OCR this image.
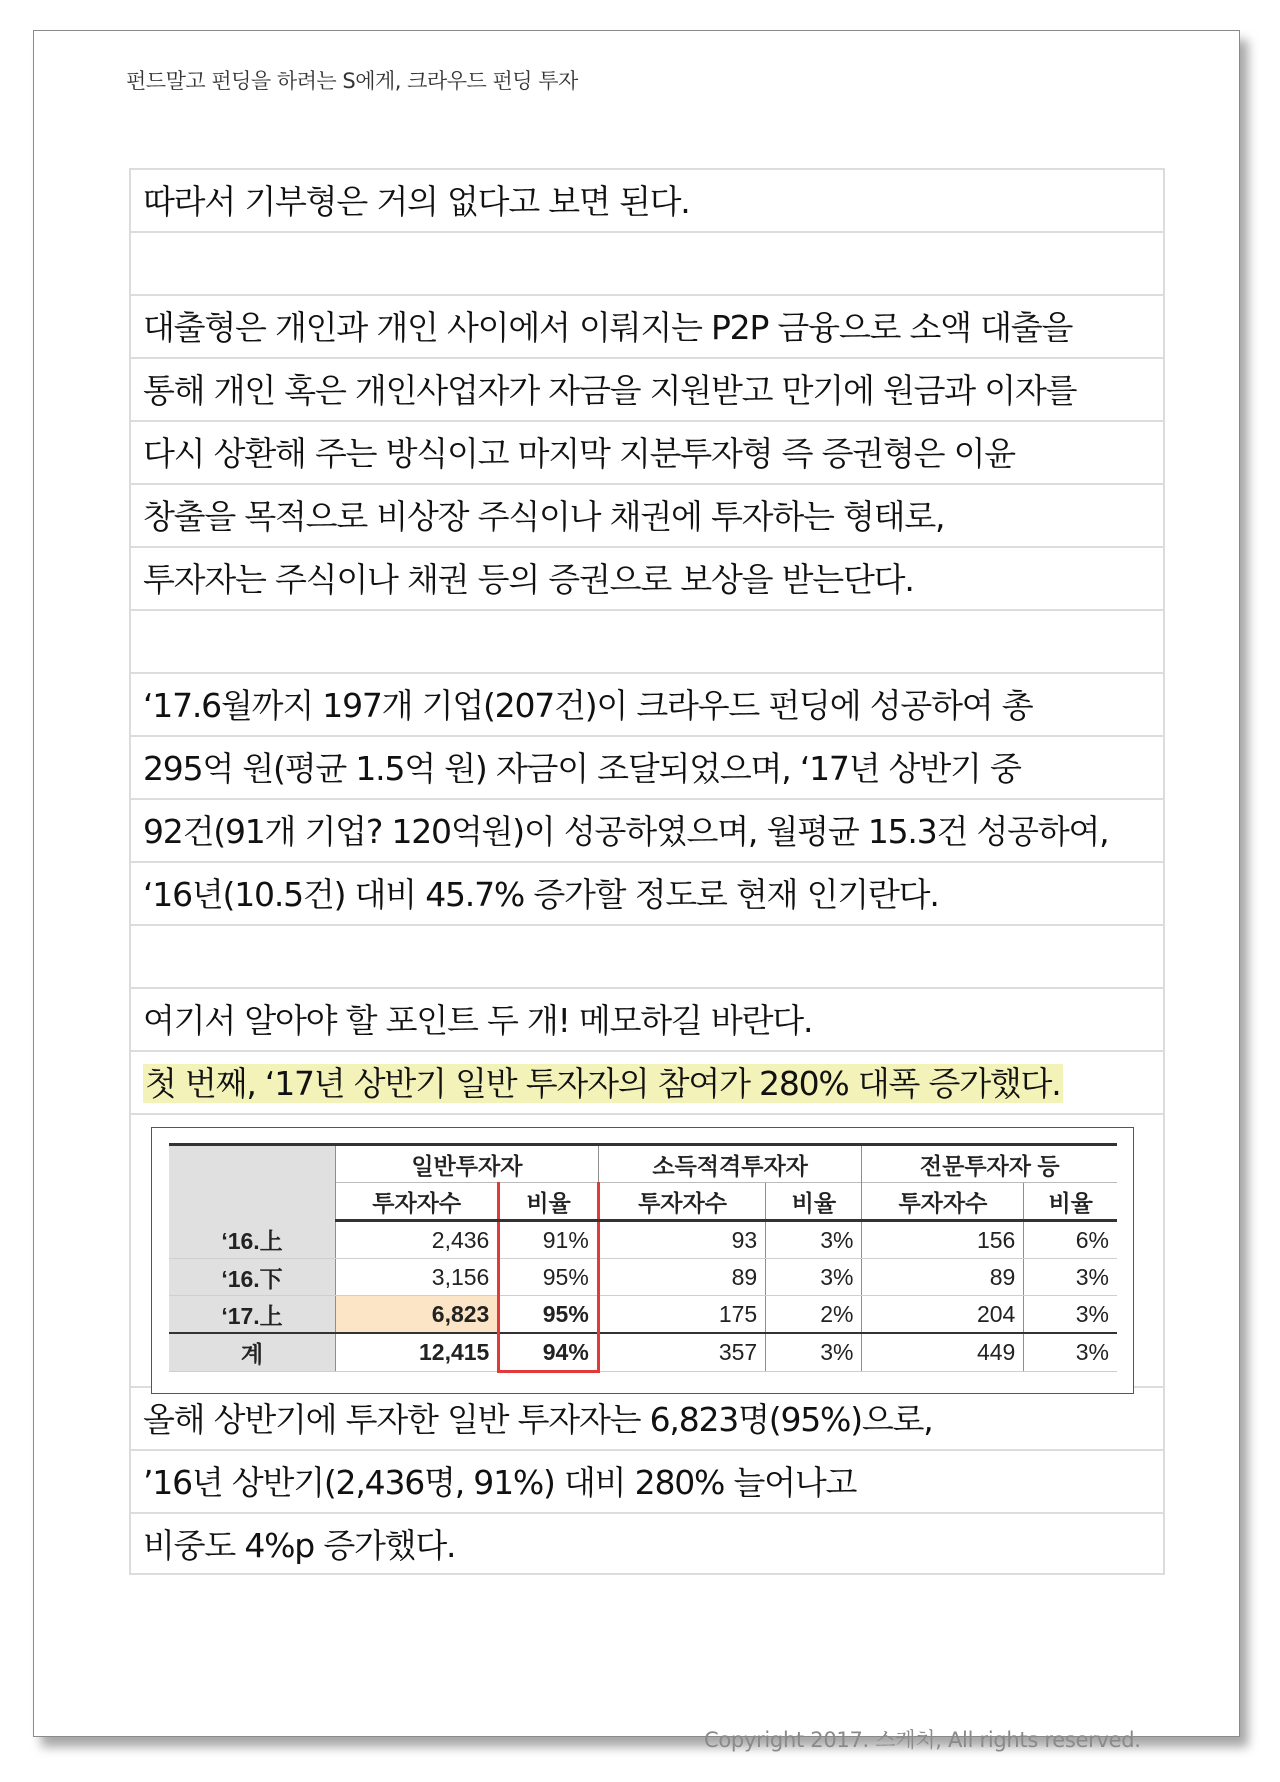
펀드말고 펀딩을 하려는 S에게, 크라우드 펀딩 투자
따라서 기부형은 거의 없다고 보면 된다.
대출형은 개인과 개인 사이에서 이뤄지는 P2P 금융으로 소액 대출을
통해 개인 혹은 개인사업자가 자금을 지원받고 만기에 원금과 이자를
다시 상환해 주는 방식이고 마지막 지분투자형 즉 증권형은 이윤
창출을 목적으로 비상장 주식이나 채권에 투자하는 형태로,
투자자는 주식이나 채권 등의 증권으로 보상을 받는단다.
‘17.6월까지 197개 기업(207건)이 크라우드 펀딩에 성공하여 총
295억 원(평균 1.5억 원) 자금이 조달되었으며, ‘17년 상반기 중
92건(91개 기업? 120억원)이 성공하였으며, 월평균 15.3건 성공하여,
‘16년(10.5건) 대비 45.7% 증가할 정도로 현재 인기란다.
여기서 알아야 할 포인트 두 개! 메모하길 바란다.
첫 번째, ‘17년 상반기 일반 투자자의 참여가 280% 대폭 증가했다.
	일반투자자		소득적격투자자		전문투자자 등	
	투자자수	비율	투자자수	비율	투자자수	비율
‘16.上	2,436	91%	93	3%	156	6%
‘16.下	3,156	95%	89	3%	89	3%
‘17.上	6,823	95%	175	2%	204	3%
계	12,415	94%	357	3%	449	3%
올해 상반기에 투자한 일반 투자자는 6,823명(95%)으로,
’16년 상반기(2,436명, 91%) 대비 280% 늘어나고
비중도 4%p 증가했다.
Copyright 2017. 스케치, All rights reserved.
